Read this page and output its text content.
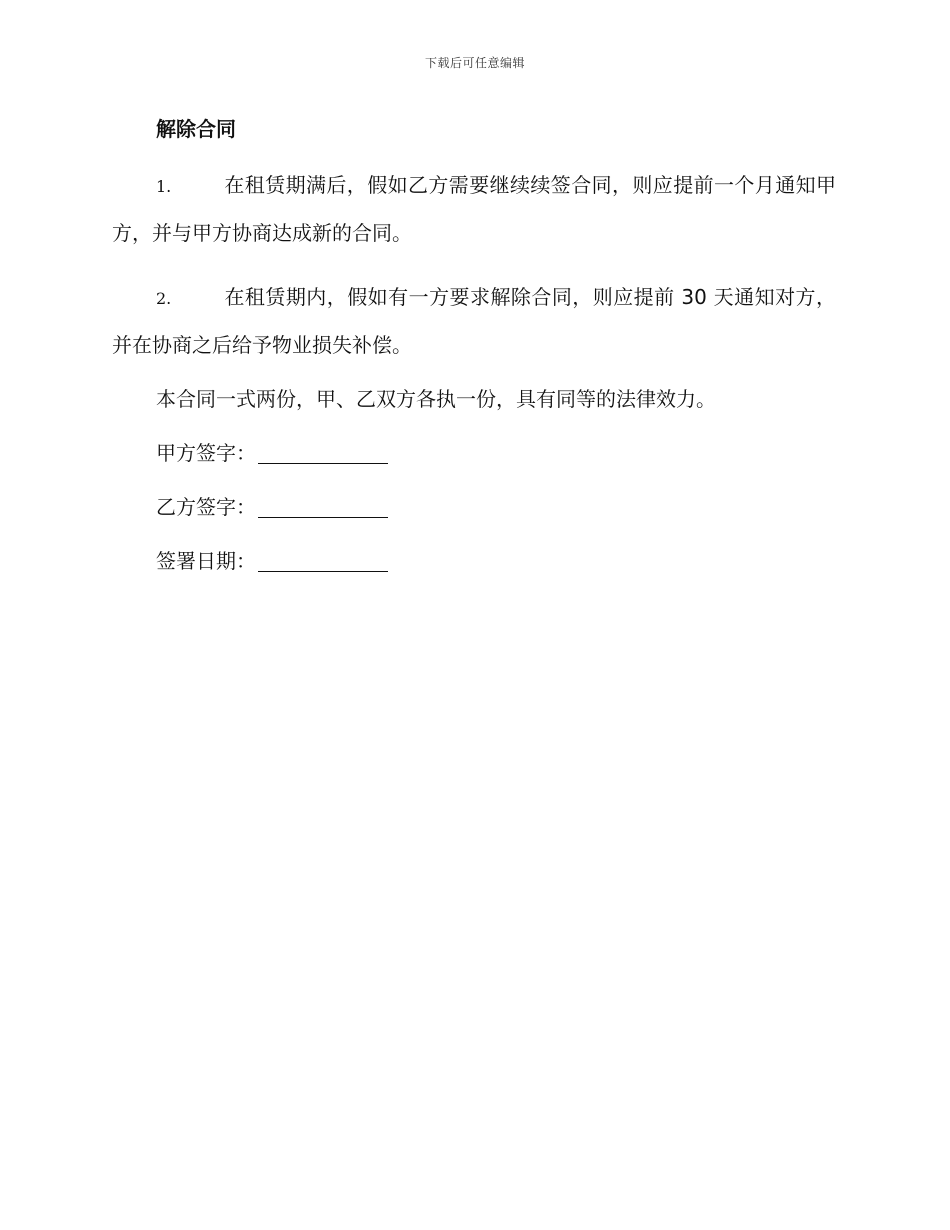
下载后可任意编辑
解除合同

1.	在租赁期满后，假如乙方需要继续续签合同，则应提前一个月通知甲方，并与甲方协商达成新的合同。

2.	在租赁期内，假如有一方要求解除合同，则应提前 30 天通知对方，并在协商之后给予物业损失补偿。

本合同一式两份，甲、乙双方各执一份，具有同等的法律效力。

甲方签字：
乙方签字：
签署日期：
